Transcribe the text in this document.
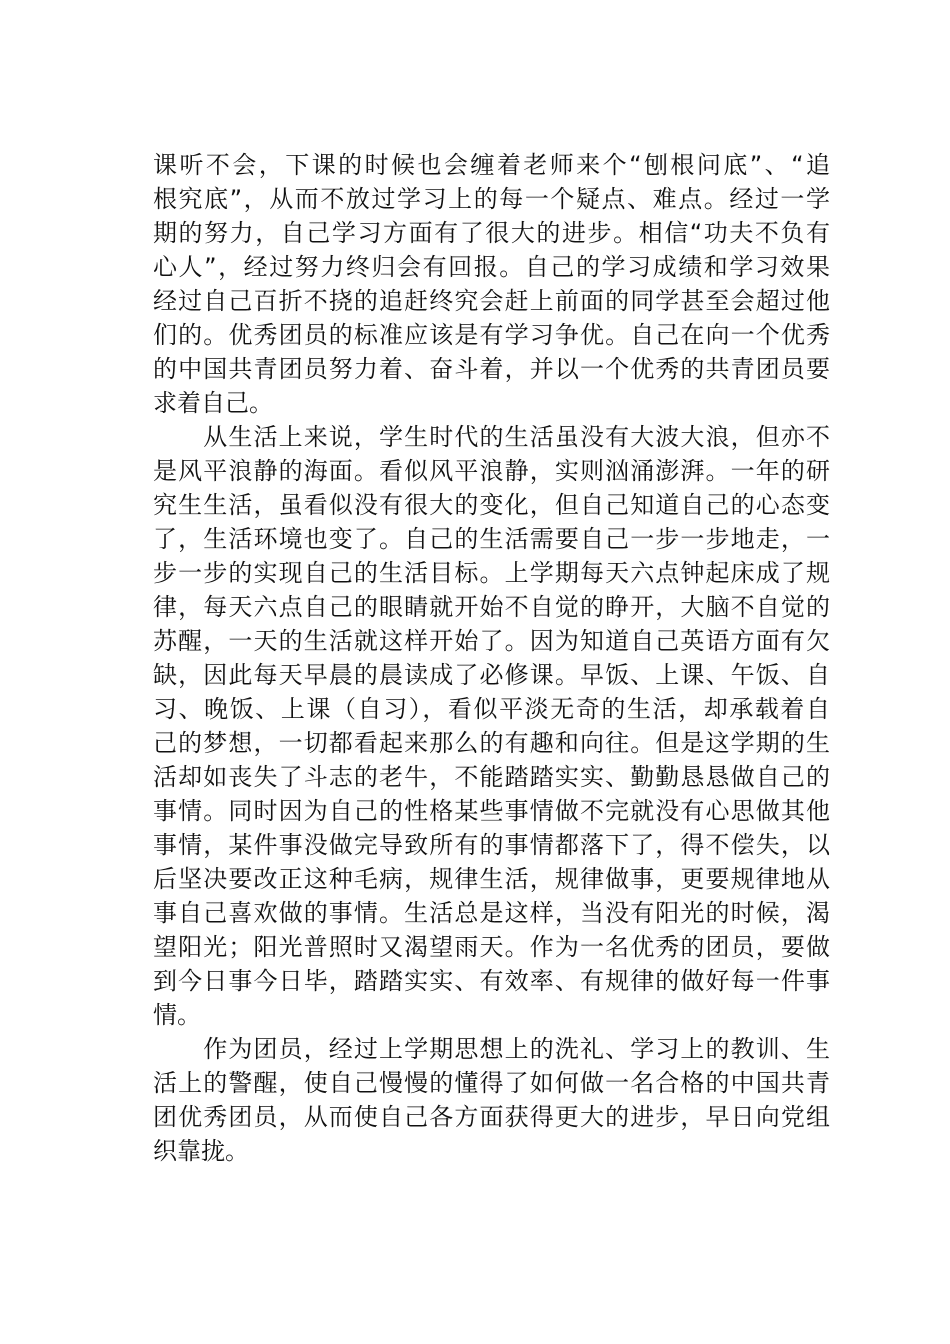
课听不会，下课的时候也会缠着老师来个“刨根问底”、“追
根究底”，从而不放过学习上的每一个疑点、难点。经过一学
期的努力，自己学习方面有了很大的进步。相信“功夫不负有
心人”，经过努力终归会有回报。自己的学习成绩和学习效果
经过自己百折不挠的追赶终究会赶上前面的同学甚至会超过他
们的。优秀团员的标准应该是有学习争优。自己在向一个优秀
的中国共青团员努力着、奋斗着，并以一个优秀的共青团员要
求着自己。
　　从生活上来说，学生时代的生活虽没有大波大浪，但亦不
是风平浪静的海面。看似风平浪静，实则汹涌澎湃。一年的研
究生生活，虽看似没有很大的变化，但自己知道自己的心态变
了，生活环境也变了。自己的生活需要自己一步一步地走，一
步一步的实现自己的生活目标。上学期每天六点钟起床成了规
律，每天六点自己的眼睛就开始不自觉的睁开，大脑不自觉的
苏醒，一天的生活就这样开始了。因为知道自己英语方面有欠
缺，因此每天早晨的晨读成了必修课。早饭、上课、午饭、自
习、晚饭、上课（自习），看似平淡无奇的生活，却承载着自
己的梦想，一切都看起来那么的有趣和向往。但是这学期的生
活却如丧失了斗志的老牛，不能踏踏实实、勤勤恳恳做自己的
事情。同时因为自己的性格某些事情做不完就没有心思做其他
事情，某件事没做完导致所有的事情都落下了，得不偿失，以
后坚决要改正这种毛病，规律生活，规律做事，更要规律地从
事自己喜欢做的事情。生活总是这样，当没有阳光的时候，渴
望阳光；阳光普照时又渴望雨天。作为一名优秀的团员，要做
到今日事今日毕，踏踏实实、有效率、有规律的做好每一件事
情。
　　作为团员，经过上学期思想上的洗礼、学习上的教训、生
活上的警醒，使自己慢慢的懂得了如何做一名合格的中国共青
团优秀团员，从而使自己各方面获得更大的进步，早日向党组
织靠拢。
